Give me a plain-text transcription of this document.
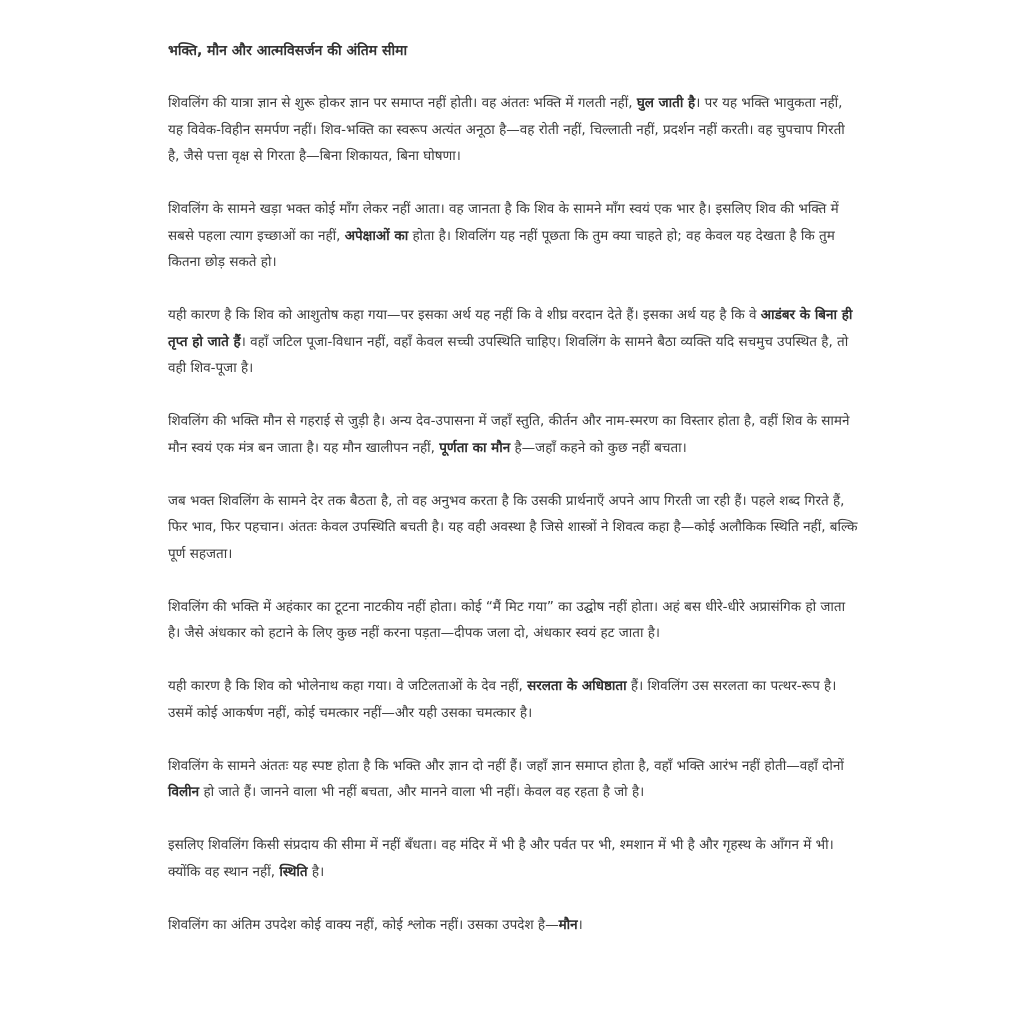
भक्ति, मौन और आत्मविसर्जन की अंतिम सीमा

शिवलिंग की यात्रा ज्ञान से शुरू होकर ज्ञान पर समाप्त नहीं होती। वह अंततः भक्ति में गलती नहीं, घुल जाती है। पर यह भक्ति भावुकता नहीं, यह विवेक-विहीन समर्पण नहीं। शिव-भक्ति का स्वरूप अत्यंत अनूठा है—वह रोती नहीं, चिल्लाती नहीं, प्रदर्शन नहीं करती। वह चुपचाप गिरती है, जैसे पत्ता वृक्ष से गिरता है—बिना शिकायत, बिना घोषणा।

शिवलिंग के सामने खड़ा भक्त कोई माँग लेकर नहीं आता। वह जानता है कि शिव के सामने माँग स्वयं एक भार है। इसलिए शिव की भक्ति में सबसे पहला त्याग इच्छाओं का नहीं, अपेक्षाओं का होता है। शिवलिंग यह नहीं पूछता कि तुम क्या चाहते हो; वह केवल यह देखता है कि तुम कितना छोड़ सकते हो।

यही कारण है कि शिव को आशुतोष कहा गया—पर इसका अर्थ यह नहीं कि वे शीघ्र वरदान देते हैं। इसका अर्थ यह है कि वे आडंबर के बिना ही तृप्त हो जाते हैं। वहाँ जटिल पूजा-विधान नहीं, वहाँ केवल सच्ची उपस्थिति चाहिए। शिवलिंग के सामने बैठा व्यक्ति यदि सचमुच उपस्थित है, तो वही शिव-पूजा है।

शिवलिंग की भक्ति मौन से गहराई से जुड़ी है। अन्य देव-उपासना में जहाँ स्तुति, कीर्तन और नाम-स्मरण का विस्तार होता है, वहीं शिव के सामने मौन स्वयं एक मंत्र बन जाता है। यह मौन खालीपन नहीं, पूर्णता का मौन है—जहाँ कहने को कुछ नहीं बचता।

जब भक्त शिवलिंग के सामने देर तक बैठता है, तो वह अनुभव करता है कि उसकी प्रार्थनाएँ अपने आप गिरती जा रही हैं। पहले शब्द गिरते हैं, फिर भाव, फिर पहचान। अंततः केवल उपस्थिति बचती है। यह वही अवस्था है जिसे शास्त्रों ने शिवत्व कहा है—कोई अलौकिक स्थिति नहीं, बल्कि पूर्ण सहजता।

शिवलिंग की भक्ति में अहंकार का टूटना नाटकीय नहीं होता। कोई “मैं मिट गया” का उद्घोष नहीं होता। अहं बस धीरे-धीरे अप्रासंगिक हो जाता है। जैसे अंधकार को हटाने के लिए कुछ नहीं करना पड़ता—दीपक जला दो, अंधकार स्वयं हट जाता है।

यही कारण है कि शिव को भोलेनाथ कहा गया। वे जटिलताओं के देव नहीं, सरलता के अधिष्ठाता हैं। शिवलिंग उस सरलता का पत्थर-रूप है। उसमें कोई आकर्षण नहीं, कोई चमत्कार नहीं—और यही उसका चमत्कार है।

शिवलिंग के सामने अंततः यह स्पष्ट होता है कि भक्ति और ज्ञान दो नहीं हैं। जहाँ ज्ञान समाप्त होता है, वहाँ भक्ति आरंभ नहीं होती—वहाँ दोनों विलीन हो जाते हैं। जानने वाला भी नहीं बचता, और मानने वाला भी नहीं। केवल वह रहता है जो है।

इसलिए शिवलिंग किसी संप्रदाय की सीमा में नहीं बँधता। वह मंदिर में भी है और पर्वत पर भी, श्मशान में भी है और गृहस्थ के आँगन में भी। क्योंकि वह स्थान नहीं, स्थिति है।

शिवलिंग का अंतिम उपदेश कोई वाक्य नहीं, कोई श्लोक नहीं। उसका उपदेश है—मौन।
